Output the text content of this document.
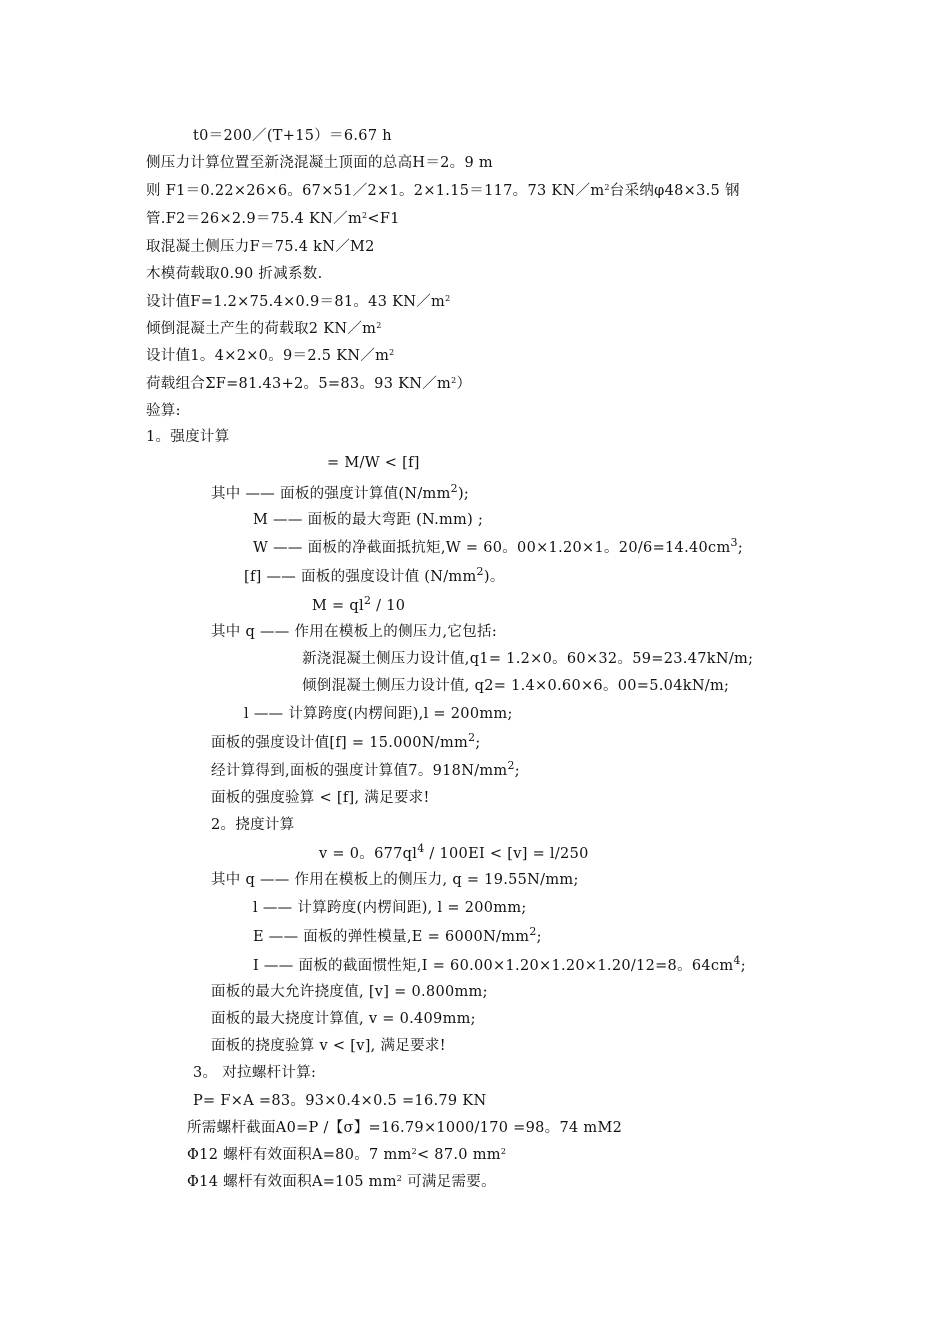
t0＝200／(T+15）＝6.67 h
侧压力计算位置至新浇混凝土顶面的总高H＝2。9 m
则 F1＝0.22×26×6。67×51／2×1。2×1.15＝117。73 $KN/m^2$台采纳φ48×3.5 钢
管.F2＝26×2.9＝75.4 $KN/m^2<F1$
取混凝土侧压力F＝75.4 kN／M2
木模荷载取0.90 折减系数.
设计值F=1.2×75.4×0.9＝81。43 $KN/m^2$
倾倒混凝土产生的荷载取2 $KN/m^2$
设计值1。4×2×0。9＝2.5 $KN/m^2$
荷载组合ΣF=81.43+2。5=83。93 $KN/m^2$）
验算:
1。强度计算
= M/W < [f]
其中 —— 面板的强度计算值$(N/mm^2)$;
M —— 面板的最大弯距 (N.mm) ;
W —— 面板的净截面抵抗矩,W = 60。00×1.20×1。$20/6=14.40cm^3$;
[f] —— 面板的强度设计值 $(N/mm^2)$。
$M = ql^2 / 10$
其中 q —— 作用在模板上的侧压力,它包括:
新浇混凝土侧压力设计值,q1= 1.2×0。60×32。59=23.47kN/m;
倾倒混凝土侧压力设计值, q2= 1.4×0.60×6。00=5.04kN/m;
l —— 计算跨度(内楞间距),l = 200mm;
面板的强度设计值$[f] = 15.000N/mm^2$;
经计算得到,面板的强度计算值7。$918N/mm^2$;
面板的强度验算 < [f], 满足要求!
2。挠度计算
v = 0。$677ql^4 / 100EI < [v] = l/250$
其中 q —— 作用在模板上的侧压力, q = 19.55N/mm;
l —— 计算跨度(内楞间距), l = 200mm;
E —— 面板的弹性模量$,E = 6000N/mm^2$;
I —— 面板的截面惯性矩,I = 60.00×1.20×1.20×1.20/12=8。$64cm^4$;
面板的最大允许挠度值, [v] = 0.800mm;
面板的最大挠度计算值, v = 0.409mm;
面板的挠度验算 v < [v], 满足要求!
3。 对拉螺杆计算:
P= F×A =83。93×0.4×0.5 =16.79 KN
所需螺杆截面A0=P /【σ】=16.79×1000/170 =98。74 mM2
Φ12 螺杆有效面积A=80。7 $mm^2< 87.0$ $mm^2$
Φ14 螺杆有效面积A=105 $mm^2$ 可满足需要。
